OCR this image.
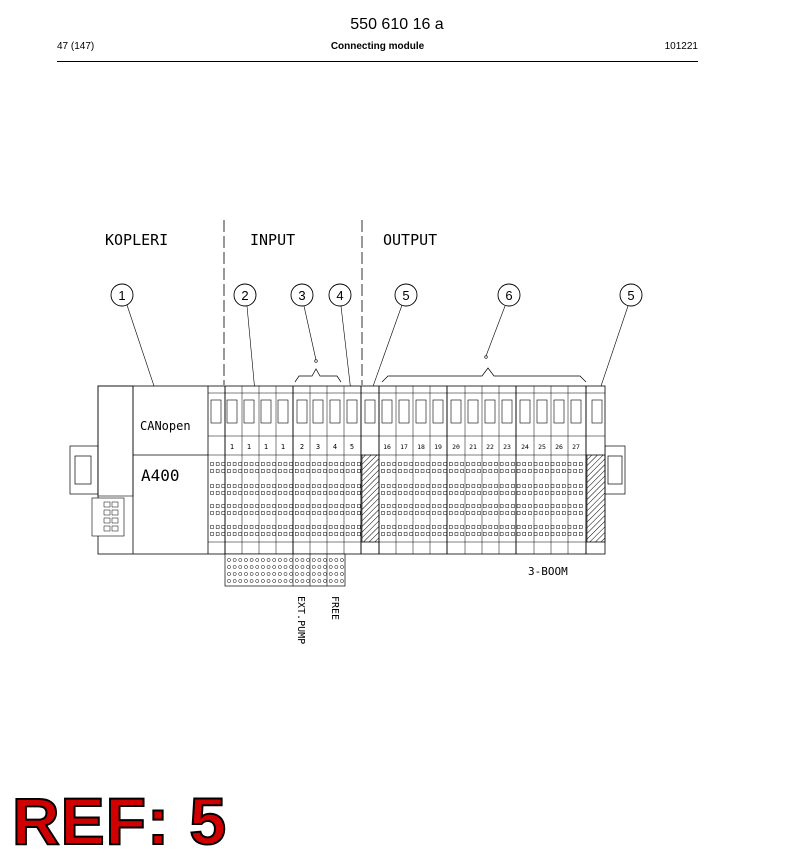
550 610 16 a
47 (147)	Connecting module	101221
KOPLERI	INPUT	OUTPUT
1	2	3 4	5	6	5
CANopen
A400
1 1 1 1 2 3 4 5	16 17 18 19 20 21 22 23 24 25 26 27
EXT.PUMP FREE
3-BOOM
REF: 5
